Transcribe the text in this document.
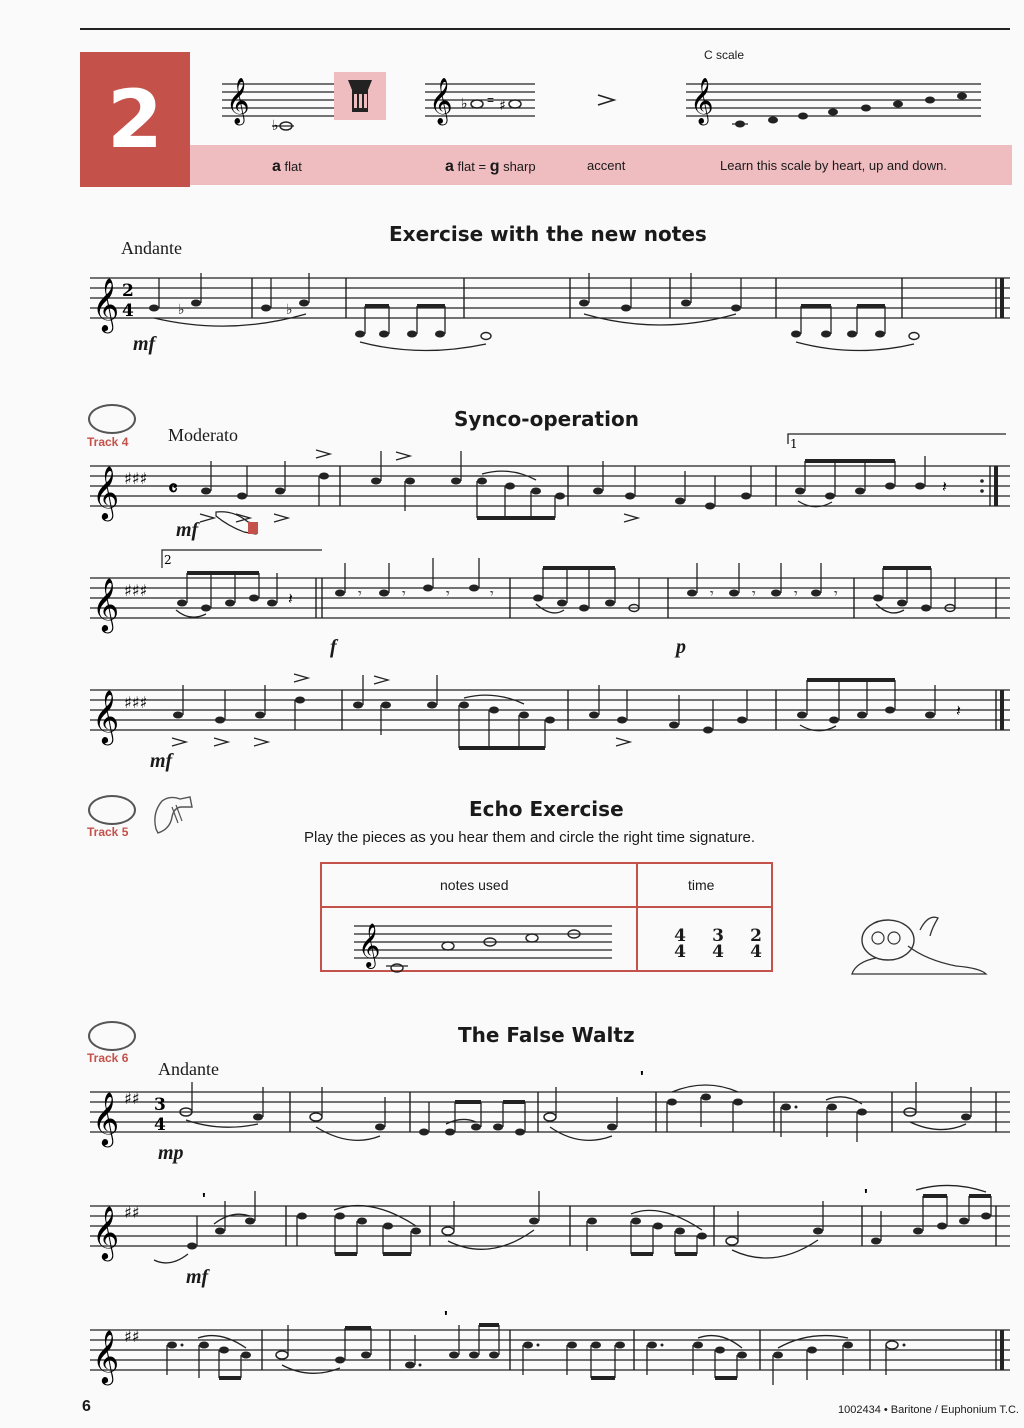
2 𝄞
♭
𝄞 ♭ = ♯
C scale
𝄞
a flat	a flat = g sharp	accent	Learn this scale by heart, up and down.
Exercise with the new notes
Andante
𝄞 2
4	♭	♭
mf
Track 4
Synco-operation
Moderato
𝄞 ♯♯♯ 𝄴	𝄽
1
mf
𝄞 ♯♯♯
2
𝄽	𝄾	𝄾	𝄾	𝄾	𝄾	𝄾	𝄾	𝄾
f	p
𝄞 ♯♯♯	𝄽
mf
Track 5
Echo Exercise
Play the pieces as you hear them and circle the right time signature.
notes used	time
𝄞	4
4
3
4
2
4
Track 6
The False Waltz
Andante
𝄞 ♯♯ 3
4
'
mp
𝄞 ♯♯
'	'
mf
𝄞 ♯♯
'
6	1002434 • Baritone / Euphonium T.C.
